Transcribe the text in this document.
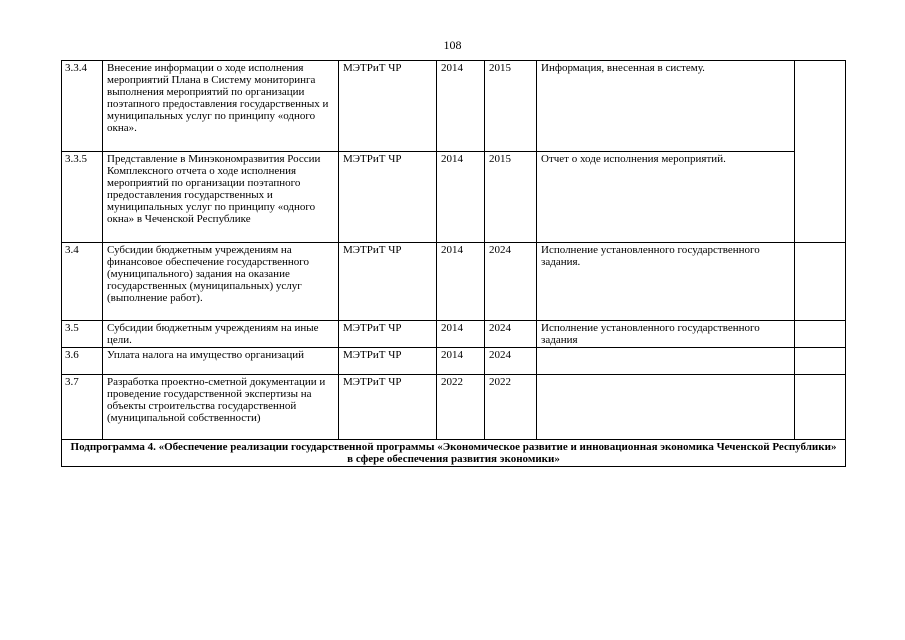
108
3.3.4	Внесение информации о ходе исполнения мероприятий Плана в Систему мониторинга выполнения мероприятий по организации поэтапного предоставления государственных и муниципальных услуг по принципу «одного окна».	МЭТРиТ ЧР	2014	2015	Информация, внесенная в систему.	
3.3.5	Представление в Минэкономразвития России Комплексного отчета о ходе исполнения мероприятий по организации поэтапного предоставления государственных и муниципальных услуг по принципу «одного окна» в Чеченской Республике	МЭТРиТ ЧР	2014	2015	Отчет о ходе исполнения мероприятий.	
3.4	Субсидии бюджетным учреждениям на финансовое обеспечение государственного (муниципального) задания на оказание государственных (муниципальных) услуг (выполнение работ).	МЭТРиТ ЧР	2014	2024	Исполнение установленного государственного задания.	
3.5	Субсидии бюджетным учреждениям на иные цели.	МЭТРиТ ЧР	2014	2024	Исполнение установленного государственного задания	
3.6	Уплата налога на имущество организаций	МЭТРиТ ЧР	2014	2024		
3.7	Разработка проектно-сметной документации и проведение государственной экспертизы на объекты строительства государственной (муниципальной собственности)	МЭТРиТ ЧР	2022	2022		
Подпрограмма 4. «Обеспечение реализации государственной программы «Экономическое развитие и инновационная экономика Чеченской Республики» в сфере обеспечения развития экономики»						
